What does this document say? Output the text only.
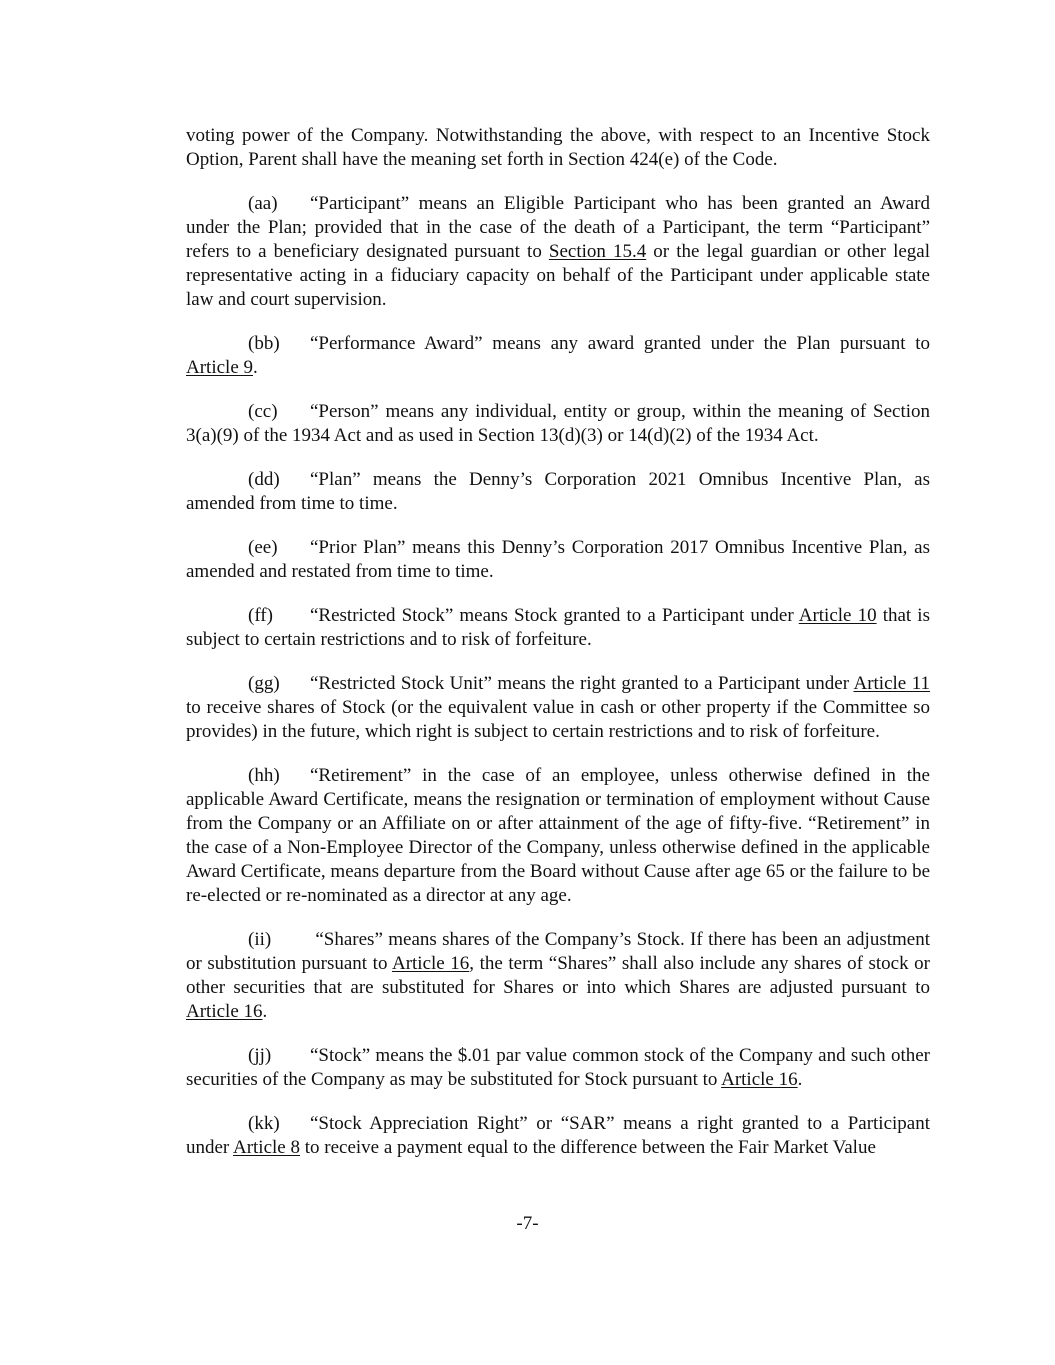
voting power of the Company. Notwithstanding the above, with respect to an Incentive Stock Option, Parent shall have the meaning set forth in Section 424(e) of the Code.

(aa) “Participant” means an Eligible Participant who has been granted an Award under the Plan; provided that in the case of the death of a Participant, the term “Participant” refers to a beneficiary designated pursuant to Section 15.4 or the legal guardian or other legal representative acting in a fiduciary capacity on behalf of the Participant under applicable state law and court supervision.

(bb) “Performance Award” means any award granted under the Plan pursuant to Article 9.

(cc) “Person” means any individual, entity or group, within the meaning of Section 3(a)(9) of the 1934 Act and as used in Section 13(d)(3) or 14(d)(2) of the 1934 Act.

(dd) “Plan” means the Denny’s Corporation 2021 Omnibus Incentive Plan, as amended from time to time.

(ee) “Prior Plan” means this Denny’s Corporation 2017 Omnibus Incentive Plan, as amended and restated from time to time.

(ff) “Restricted Stock” means Stock granted to a Participant under Article 10 that is subject to certain restrictions and to risk of forfeiture.

(gg) “Restricted Stock Unit” means the right granted to a Participant under Article 11 to receive shares of Stock (or the equivalent value in cash or other property if the Committee so provides) in the future, which right is subject to certain restrictions and to risk of forfeiture.

(hh) “Retirement” in the case of an employee, unless otherwise defined in the applicable Award Certificate, means the resignation or termination of employment without Cause from the Company or an Affiliate on or after attainment of the age of fifty-five. “Retirement” in the case of a Non-Employee Director of the Company, unless otherwise defined in the applicable Award Certificate, means departure from the Board without Cause after age 65 or the failure to be re-elected or re-nominated as a director at any age.

(ii) “Shares” means shares of the Company’s Stock. If there has been an adjustment or substitution pursuant to Article 16, the term “Shares” shall also include any shares of stock or other securities that are substituted for Shares or into which Shares are adjusted pursuant to Article 16.

(jj) “Stock” means the $.01 par value common stock of the Company and such other securities of the Company as may be substituted for Stock pursuant to Article 16.

(kk) “Stock Appreciation Right” or “SAR” means a right granted to a Participant under Article 8 to receive a payment equal to the difference between the Fair Market Value

-7-
